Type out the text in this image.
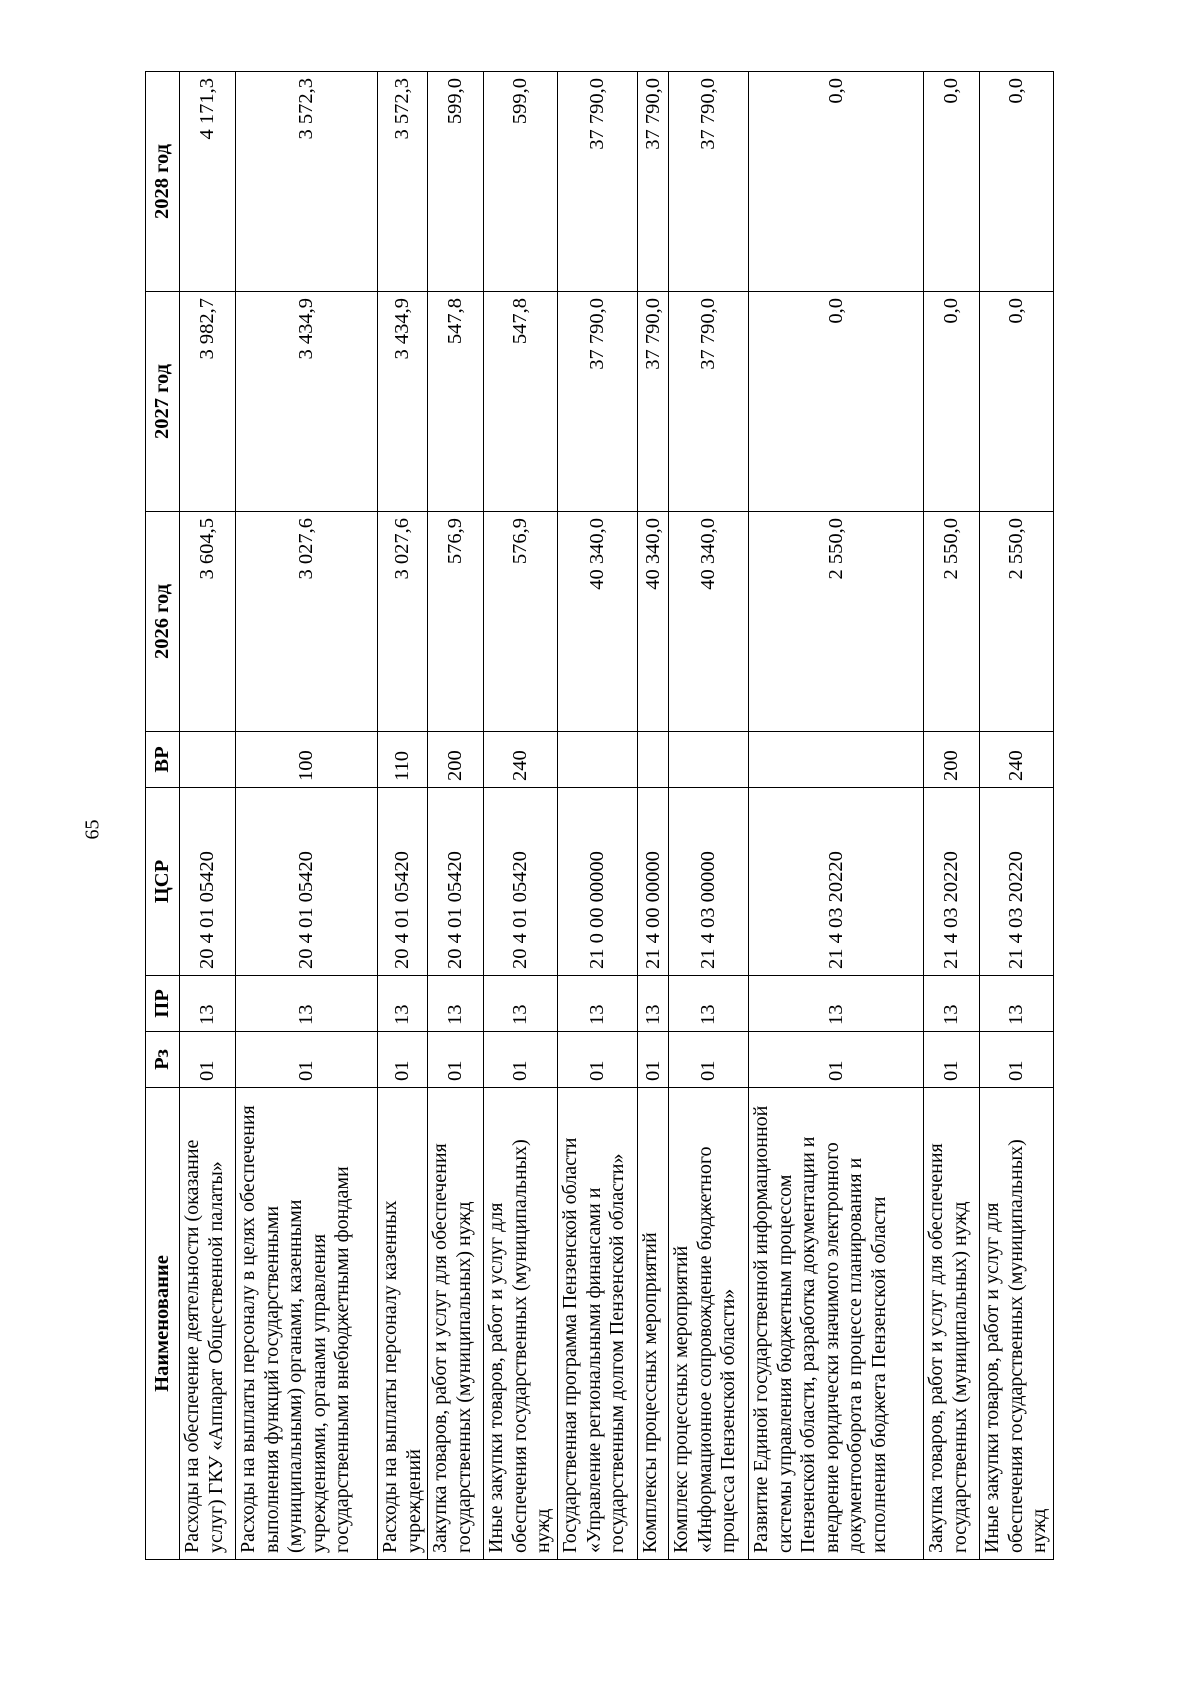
65
Наименование	Рз	ПР	ЦСР	ВР	2026 год	2027 год	2028 год
Расходы на обеспечение деятельности (оказание услуг) ГКУ «Аппарат Общественной палаты»	01	13	20 4 01 05420		3 604,5	3 982,7	4 171,3
Расходы на выплаты персоналу в целях обеспечения выполнения функций государственными (муниципальными) органами, казенными учреждениями, органами управления государственными внебюджетными фондами	01	13	20 4 01 05420	100	3 027,6	3 434,9	3 572,3
Расходы на выплаты персоналу казенных учреждений	01	13	20 4 01 05420	110	3 027,6	3 434,9	3 572,3
Закупка товаров, работ и услуг для обеспечения государственных (муниципальных) нужд	01	13	20 4 01 05420	200	576,9	547,8	599,0
Иные закупки товаров, работ и услуг для обеспечения государственных (муниципальных) нужд	01	13	20 4 01 05420	240	576,9	547,8	599,0
Государственная программа Пензенской области «Управление региональными финансами и государственным долгом Пензенской области»	01	13	21 0 00 00000		40 340,0	37 790,0	37 790,0
Комплексы процессных мероприятий	01	13	21 4 00 00000		40 340,0	37 790,0	37 790,0
Комплекс процессных мероприятий «Информационное сопровождение бюджетного процесса Пензенской области»	01	13	21 4 03 00000		40 340,0	37 790,0	37 790,0
Развитие Единой государственной информационной системы управления бюджетным процессом Пензенской области, разработка документации и внедрение юридически значимого электронного документооборота в процессе планирования и исполнения бюджета Пензенской области	01	13	21 4 03 20220		2 550,0	0,0	0,0
Закупка товаров, работ и услуг для обеспечения государственных (муниципальных) нужд	01	13	21 4 03 20220	200	2 550,0	0,0	0,0
Иные закупки товаров, работ и услуг для обеспечения государственных (муниципальных) нужд	01	13	21 4 03 20220	240	2 550,0	0,0	0,0
